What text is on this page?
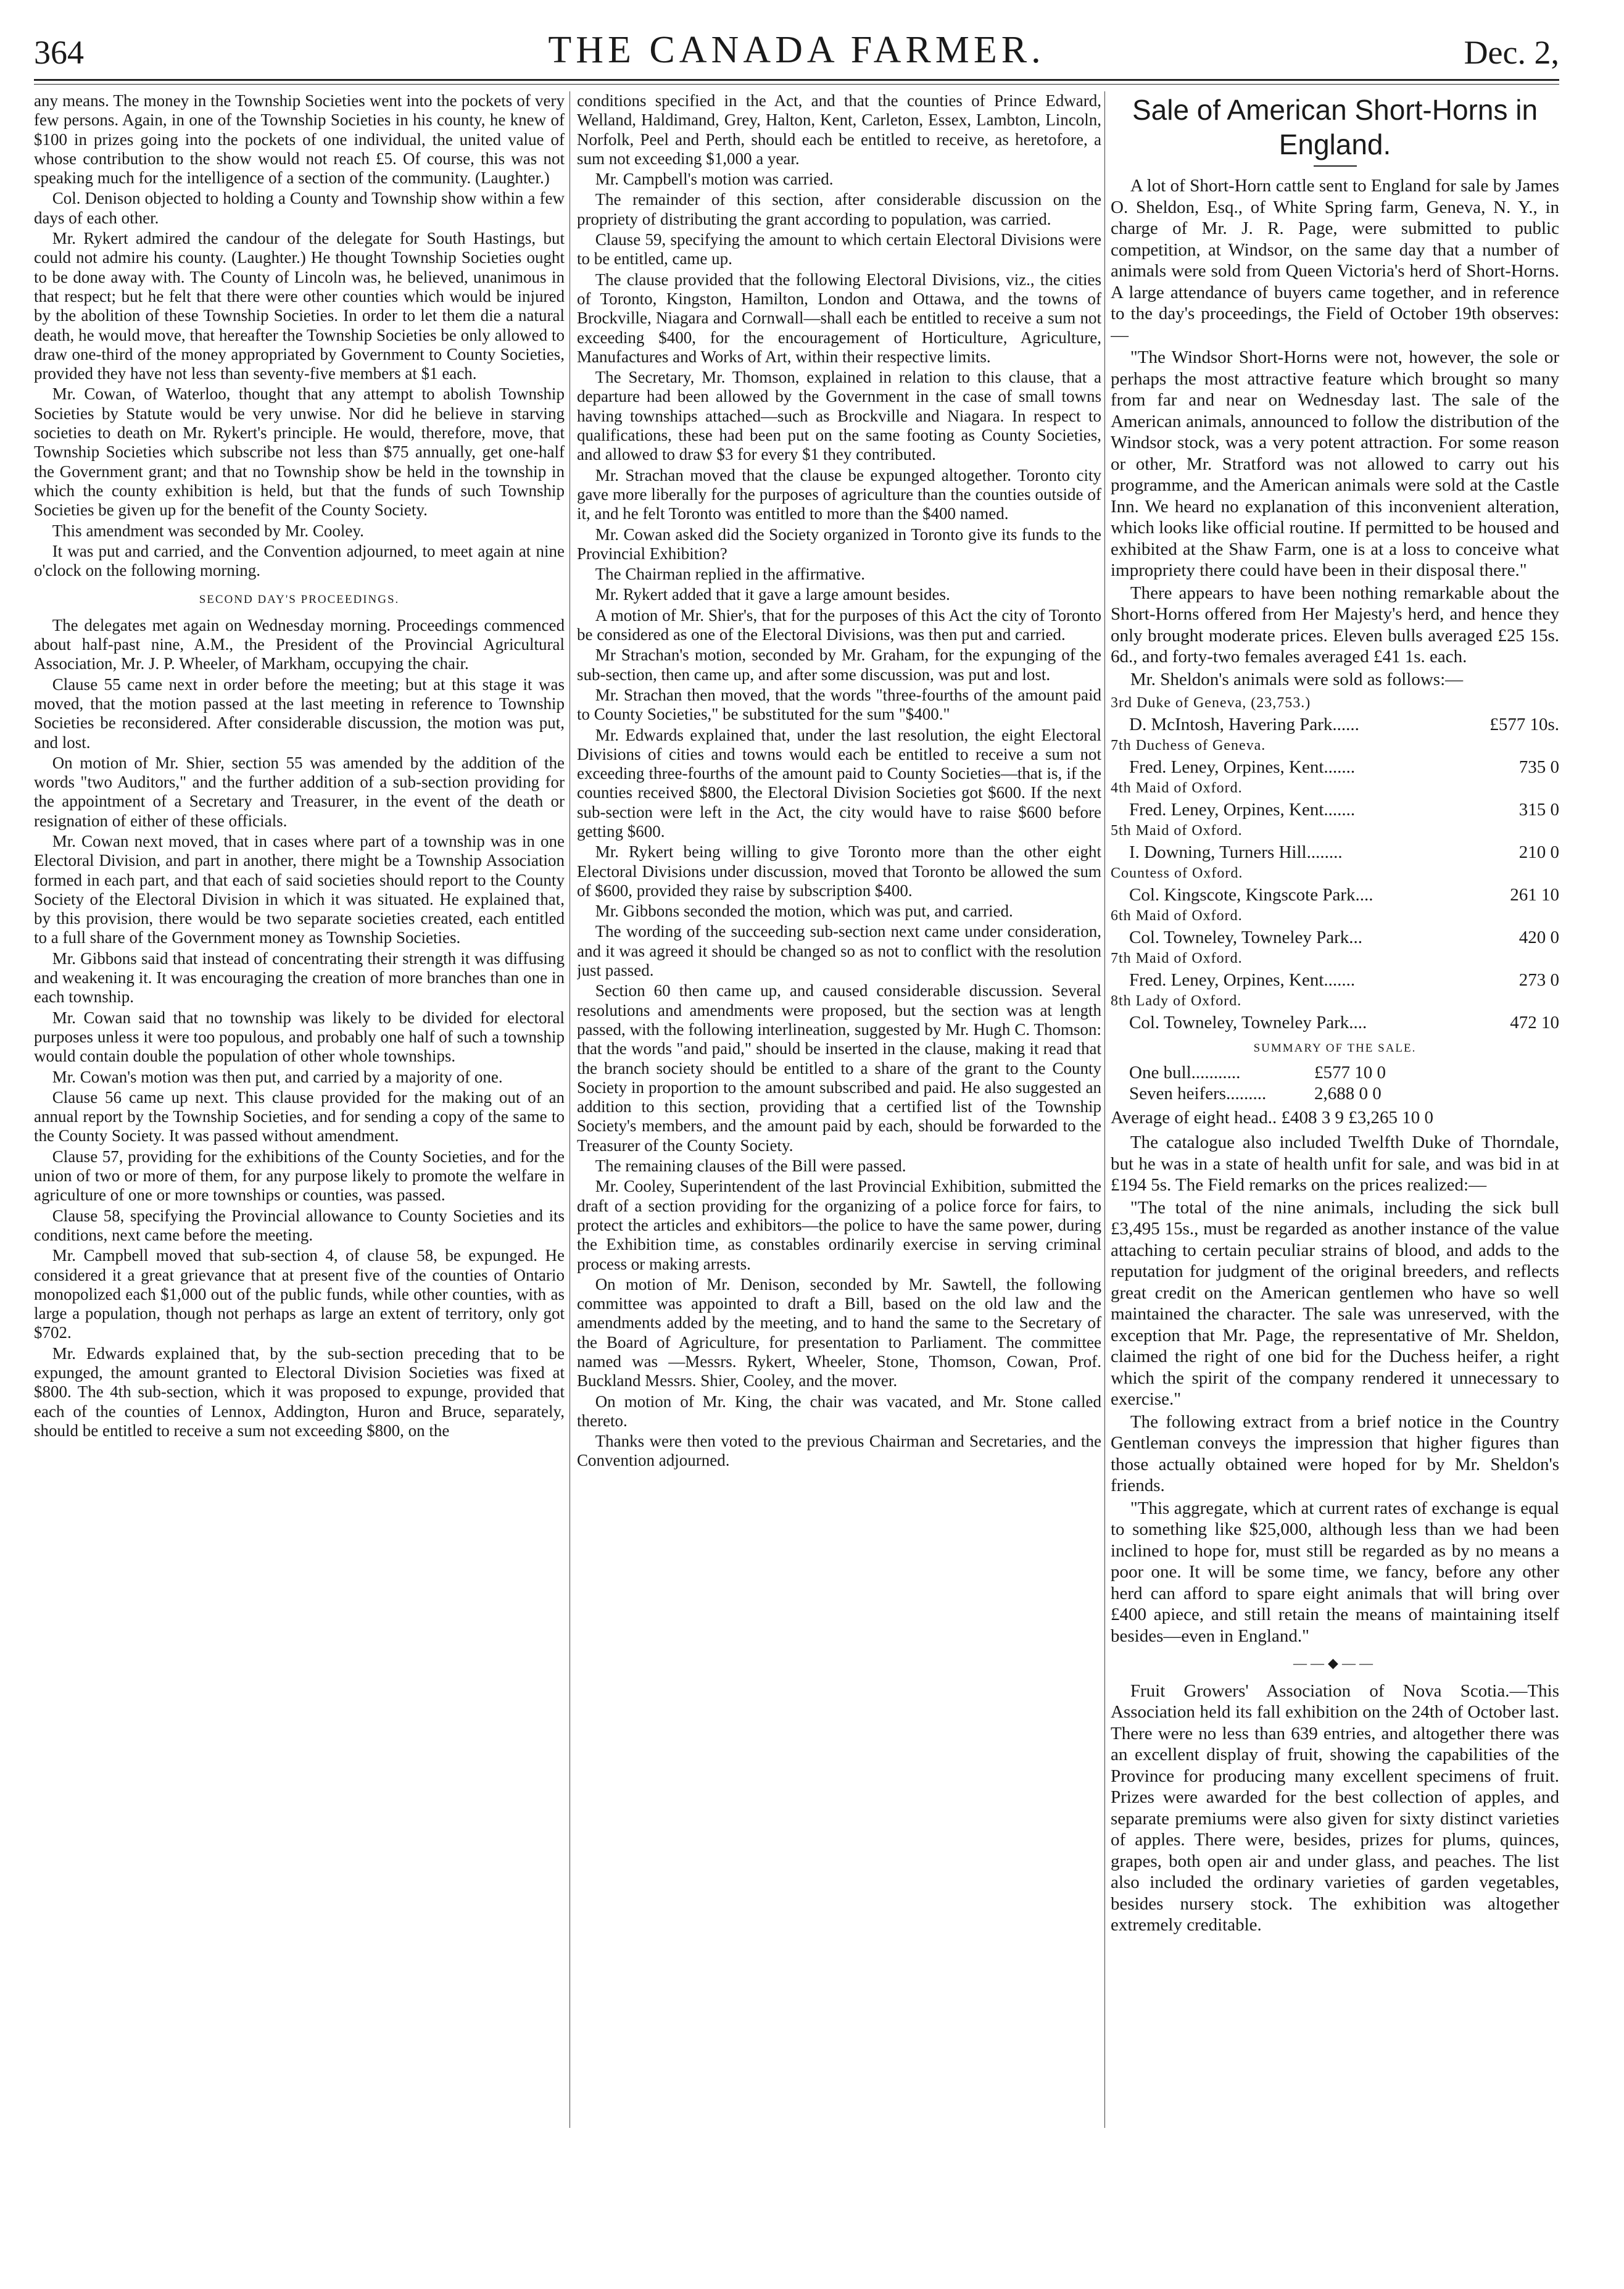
364	THE CANADA FARMER.	Dec. 2,

any means. The money in the Township Societies went into the pockets of very few persons. Again, in one of the Township Societies in his county, he knew of $100 in prizes going into the pockets of one individual, the united value of whose contribution to the show would not reach £5. Of course, this was not speaking much for the intelligence of a section of the community. (Laughter.)

Col. Denison objected to holding a County and Township show within a few days of each other.

Mr. Rykert admired the candour of the delegate for South Hastings, but could not admire his county. (Laughter.) He thought Township Societies ought to be done away with. The County of Lincoln was, he believed, unanimous in that respect; but he felt that there were other counties which would be injured by the abolition of these Township Societies. In order to let them die a natural death, he would move, that hereafter the Township Societies be only allowed to draw one-third of the money appropriated by Government to County Societies, provided they have not less than seventy-five members at $1 each.

Mr. Cowan, of Waterloo, thought that any attempt to abolish Township Societies by Statute would be very unwise. Nor did he believe in starving societies to death on Mr. Rykert's principle. He would, therefore, move, that Township Societies which subscribe not less than $75 annually, get one-half the Government grant; and that no Township show be held in the township in which the county exhibition is held, but that the funds of such Township Societies be given up for the benefit of the County Society.

This amendment was seconded by Mr. Cooley.

It was put and carried, and the Convention adjourned, to meet again at nine o'clock on the following morning.

SECOND DAY'S PROCEEDINGS.

The delegates met again on Wednesday morning. Proceedings commenced about half-past nine, A.M., the President of the Provincial Agricultural Association, Mr. J. P. Wheeler, of Markham, occupying the chair.

Clause 55 came next in order before the meeting; but at this stage it was moved, that the motion passed at the last meeting in reference to Township Societies be reconsidered. After considerable discussion, the motion was put, and lost.

On motion of Mr. Shier, section 55 was amended by the addition of the words "two Auditors," and the further addition of a sub-section providing for the appointment of a Secretary and Treasurer, in the event of the death or resignation of either of these officials.

Mr. Cowan next moved, that in cases where part of a township was in one Electoral Division, and part in another, there might be a Township Association formed in each part, and that each of said societies should report to the County Society of the Electoral Division in which it was situated. He explained that, by this provision, there would be two separate societies created, each entitled to a full share of the Government money as Township Societies.

Mr. Gibbons said that instead of concentrating their strength it was diffusing and weakening it. It was encouraging the creation of more branches than one in each township.

Mr. Cowan said that no township was likely to be divided for electoral purposes unless it were too populous, and probably one half of such a township would contain double the population of other whole townships.

Mr. Cowan's motion was then put, and carried by a majority of one.

Clause 56 came up next. This clause provided for the making out of an annual report by the Township Societies, and for sending a copy of the same to the County Society. It was passed without amendment.

Clause 57, providing for the exhibitions of the County Societies, and for the union of two or more of them, for any purpose likely to promote the welfare in agriculture of one or more townships or counties, was passed.

Clause 58, specifying the Provincial allowance to County Societies and its conditions, next came before the meeting.

Mr. Campbell moved that sub-section 4, of clause 58, be expunged. He considered it a great grievance that at present five of the counties of Ontario monopolized each $1,000 out of the public funds, while other counties, with as large a population, though not perhaps as large an extent of territory, only got $702.

Mr. Edwards explained that, by the sub-section preceding that to be expunged, the amount granted to Electoral Division Societies was fixed at $800. The 4th sub-section, which it was proposed to expunge, provided that each of the counties of Lennox, Addington, Huron and Bruce, separately, should be entitled to receive a sum not exceeding $800, on the

conditions specified in the Act, and that the counties of Prince Edward, Welland, Haldimand, Grey, Halton, Kent, Carleton, Essex, Lambton, Lincoln, Norfolk, Peel and Perth, should each be entitled to receive, as heretofore, a sum not exceeding $1,000 a year.

Mr. Campbell's motion was carried.

The remainder of this section, after considerable discussion on the propriety of distributing the grant according to population, was carried.

Clause 59, specifying the amount to which certain Electoral Divisions were to be entitled, came up.

The clause provided that the following Electoral Divisions, viz., the cities of Toronto, Kingston, Hamilton, London and Ottawa, and the towns of Brockville, Niagara and Cornwall—shall each be entitled to receive a sum not exceeding $400, for the encouragement of Horticulture, Agriculture, Manufactures and Works of Art, within their respective limits.

The Secretary, Mr. Thomson, explained in relation to this clause, that a departure had been allowed by the Government in the case of small towns having townships attached—such as Brockville and Niagara. In respect to qualifications, these had been put on the same footing as County Societies, and allowed to draw $3 for every $1 they contributed.

Mr. Strachan moved that the clause be expunged altogether. Toronto city gave more liberally for the purposes of agriculture than the counties outside of it, and he felt Toronto was entitled to more than the $400 named.

Mr. Cowan asked did the Society organized in Toronto give its funds to the Provincial Exhibition?

The Chairman replied in the affirmative.

Mr. Rykert added that it gave a large amount besides.

A motion of Mr. Shier's, that for the purposes of this Act the city of Toronto be considered as one of the Electoral Divisions, was then put and carried.

Mr Strachan's motion, seconded by Mr. Graham, for the expunging of the sub-section, then came up, and after some discussion, was put and lost.

Mr. Strachan then moved, that the words "three-fourths of the amount paid to County Societies," be substituted for the sum "$400."

Mr. Edwards explained that, under the last resolution, the eight Electoral Divisions of cities and towns would each be entitled to receive a sum not exceeding three-fourths of the amount paid to County Societies—that is, if the counties received $800, the Electoral Division Societies got $600. If the next sub-section were left in the Act, the city would have to raise $600 before getting $600.

Mr. Rykert being willing to give Toronto more than the other eight Electoral Divisions under discussion, moved that Toronto be allowed the sum of $600, provided they raise by subscription $400.

Mr. Gibbons seconded the motion, which was put, and carried.

The wording of the succeeding sub-section next came under consideration, and it was agreed it should be changed so as not to conflict with the resolution just passed.

Section 60 then came up, and caused considerable discussion. Several resolutions and amendments were proposed, but the section was at length passed, with the following interlineation, suggested by Mr. Hugh C. Thomson: that the words "and paid," should be inserted in the clause, making it read that the branch society should be entitled to a share of the grant to the County Society in proportion to the amount subscribed and paid. He also suggested an addition to this section, providing that a certified list of the Township Society's members, and the amount paid by each, should be forwarded to the Treasurer of the County Society.

The remaining clauses of the Bill were passed.

Mr. Cooley, Superintendent of the last Provincial Exhibition, submitted the draft of a section providing for the organizing of a police force for fairs, to protect the articles and exhibitors—the police to have the same power, during the Exhibition time, as constables ordinarily exercise in serving criminal process or making arrests.

On motion of Mr. Denison, seconded by Mr. Sawtell, the following committee was appointed to draft a Bill, based on the old law and the amendments added by the meeting, and to hand the same to the Secretary of the Board of Agriculture, for presentation to Parliament. The committee named was —Messrs. Rykert, Wheeler, Stone, Thomson, Cowan, Prof. Buckland Messrs. Shier, Cooley, and the mover.

On motion of Mr. King, the chair was vacated, and Mr. Stone called thereto.

Thanks were then voted to the previous Chairman and Secretaries, and the Convention adjourned.

Sale of American Short-Horns in England.

A lot of Short-Horn cattle sent to England for sale by James O. Sheldon, Esq., of White Spring farm, Geneva, N. Y., in charge of Mr. J. R. Page, were submitted to public competition, at Windsor, on the same day that a number of animals were sold from Queen Victoria's herd of Short-Horns. A large attendance of buyers came together, and in reference to the day's proceedings, the Field of October 19th observes:—

"The Windsor Short-Horns were not, however, the sole or perhaps the most attractive feature which brought so many from far and near on Wednesday last. The sale of the American animals, announced to follow the distribution of the Windsor stock, was a very potent attraction. For some reason or other, Mr. Stratford was not allowed to carry out his programme, and the American animals were sold at the Castle Inn. We heard no explanation of this inconvenient alteration, which looks like official routine. If permitted to be housed and exhibited at the Shaw Farm, one is at a loss to conceive what impropriety there could have been in their disposal there."

There appears to have been nothing remarkable about the Short-Horns offered from Her Majesty's herd, and hence they only brought moderate prices. Eleven bulls averaged £25 15s. 6d., and forty-two females averaged £41 1s. each.

Mr. Sheldon's animals were sold as follows:—

3rd Duke of Geneva, (23,753.)
D. McIntosh, Havering Park......	£577 10s.
7th Duchess of Geneva.
Fred. Leney, Orpines, Kent.......	735 0
4th Maid of Oxford.
Fred. Leney, Orpines, Kent.......	315 0
5th Maid of Oxford.
I. Downing, Turners Hill........	210 0
Countess of Oxford.
Col. Kingscote, Kingscote Park....	261 10
6th Maid of Oxford.
Col. Towneley, Towneley Park...	420 0
7th Maid of Oxford.
Fred. Leney, Orpines, Kent.......	273 0
8th Lady of Oxford.
Col. Towneley, Towneley Park....	472 10
SUMMARY OF THE SALE.
One bull...........	£577 10 0
Seven heifers.........	2,688 0 0
Average of eight head.. £408 3 9 £3,265 10 0

The catalogue also included Twelfth Duke of Thorndale, but he was in a state of health unfit for sale, and was bid in at £194 5s. The Field remarks on the prices realized:—

"The total of the nine animals, including the sick bull £3,495 15s., must be regarded as another instance of the value attaching to certain peculiar strains of blood, and adds to the reputation for judgment of the original breeders, and reflects great credit on the American gentlemen who have so well maintained the character. The sale was unreserved, with the exception that Mr. Page, the representative of Mr. Sheldon, claimed the right of one bid for the Duchess heifer, a right which the spirit of the company rendered it unnecessary to exercise."

The following extract from a brief notice in the Country Gentleman conveys the impression that higher figures than those actually obtained were hoped for by Mr. Sheldon's friends.

"This aggregate, which at current rates of exchange is equal to something like $25,000, although less than we had been inclined to hope for, must still be regarded as by no means a poor one. It will be some time, we fancy, before any other herd can afford to spare eight animals that will bring over £400 apiece, and still retain the means of maintaining itself besides—even in England."

——◆——

Fruit Growers' Association of Nova Scotia.—This Association held its fall exhibition on the 24th of October last. There were no less than 639 entries, and altogether there was an excellent display of fruit, showing the capabilities of the Province for producing many excellent specimens of fruit. Prizes were awarded for the best collection of apples, and separate premiums were also given for sixty distinct varieties of apples. There were, besides, prizes for plums, quinces, grapes, both open air and under glass, and peaches. The list also included the ordinary varieties of garden vegetables, besides nursery stock. The exhibition was altogether extremely creditable.
